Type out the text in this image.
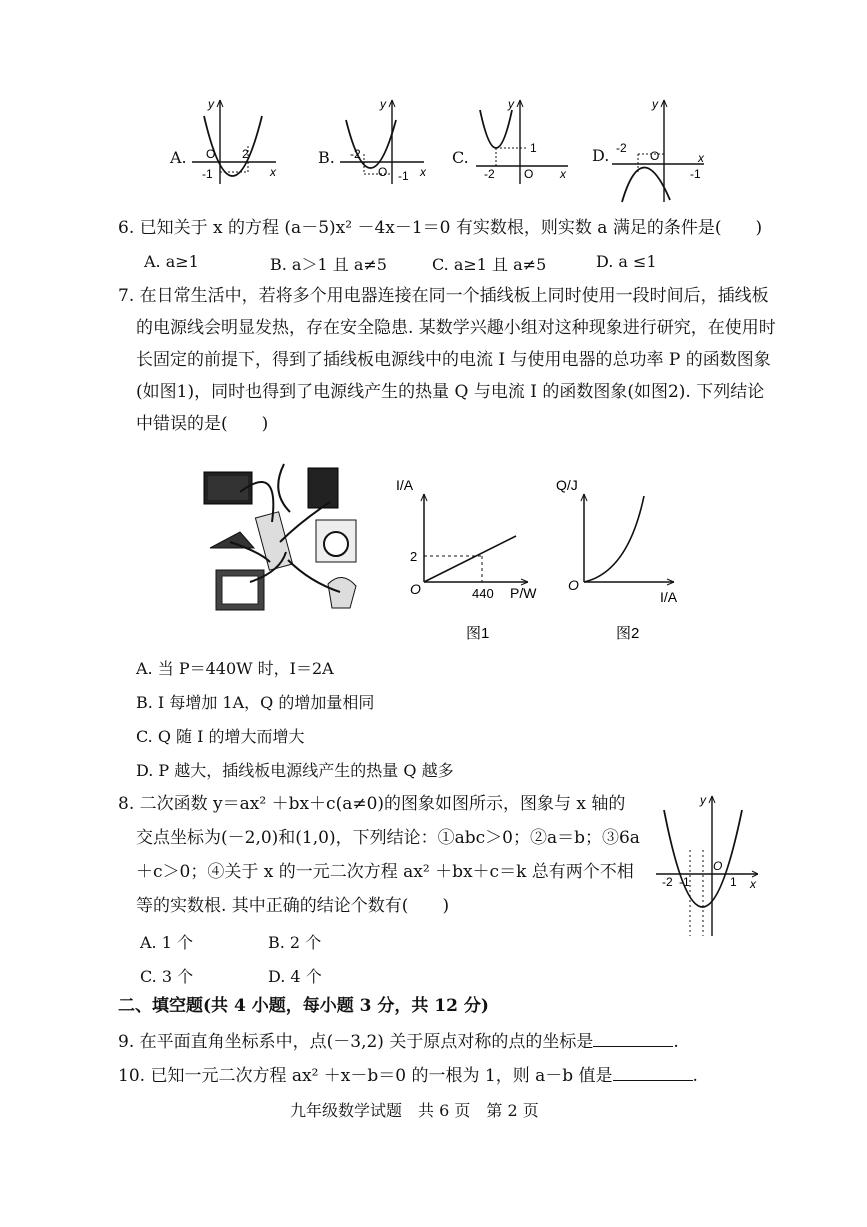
A. O 2
-1	x
y
B. -2
O -1 x
y
C.	1
-2 O x
y
D. -2
O
-1
x
y
6. 已知关于 x 的方程 (a－5)x² －4x－1＝0 有实数根，则实数 a 满足的条件是(　　)
A. a≥1	B. a＞1 且 a≠5	C. a≥1 且 a≠5	D. a ≤1
7. 在日常生活中，若将多个用电器连接在同一个插线板上同时使用一段时间后，插线板
的电源线会明显发热，存在安全隐患. 某数学兴趣小组对这种现象进行研究，在使用时
长固定的前提下，得到了插线板电源线中的电流 I 与使用电器的总功率 P 的函数图象
(如图1)，同时也得到了电源线产生的热量 Q 与电流 I 的函数图象(如图2). 下列结论
中错误的是(　　)
I/A
P/W
O
2
440
图1
Q/J
I/A
O
图2
A. 当 P＝440W 时，I＝2A
B. I 每增加 1A，Q 的增加量相同
C. Q 随 I 的增大而增大
D. P 越大，插线板电源线产生的热量 Q 越多
8. 二次函数 y＝ax² ＋bx＋c(a≠0)的图象如图所示，图象与 x 轴的
交点坐标为(－2,0)和(1,0)，下列结论：①abc＞0；②a＝b；③6a
＋c＞0；④关于 x 的一元二次方程 ax² ＋bx＋c＝k 总有两个不相
等的实数根. 其中正确的结论个数有(　　)
A. 1 个	B. 2 个
C. 3 个	D. 4 个
y
x
O
-2 -1	1
二、填空题(共 4 小题，每小题 3 分，共 12 分)
9. 在平面直角坐标系中，点(－3,2) 关于原点对称的点的坐标是	.
10. 已知一元二次方程 ax² ＋x－b＝0 的一根为 1，则 a－b 值是	.
九年级数学试题　共 6 页　第 2 页
